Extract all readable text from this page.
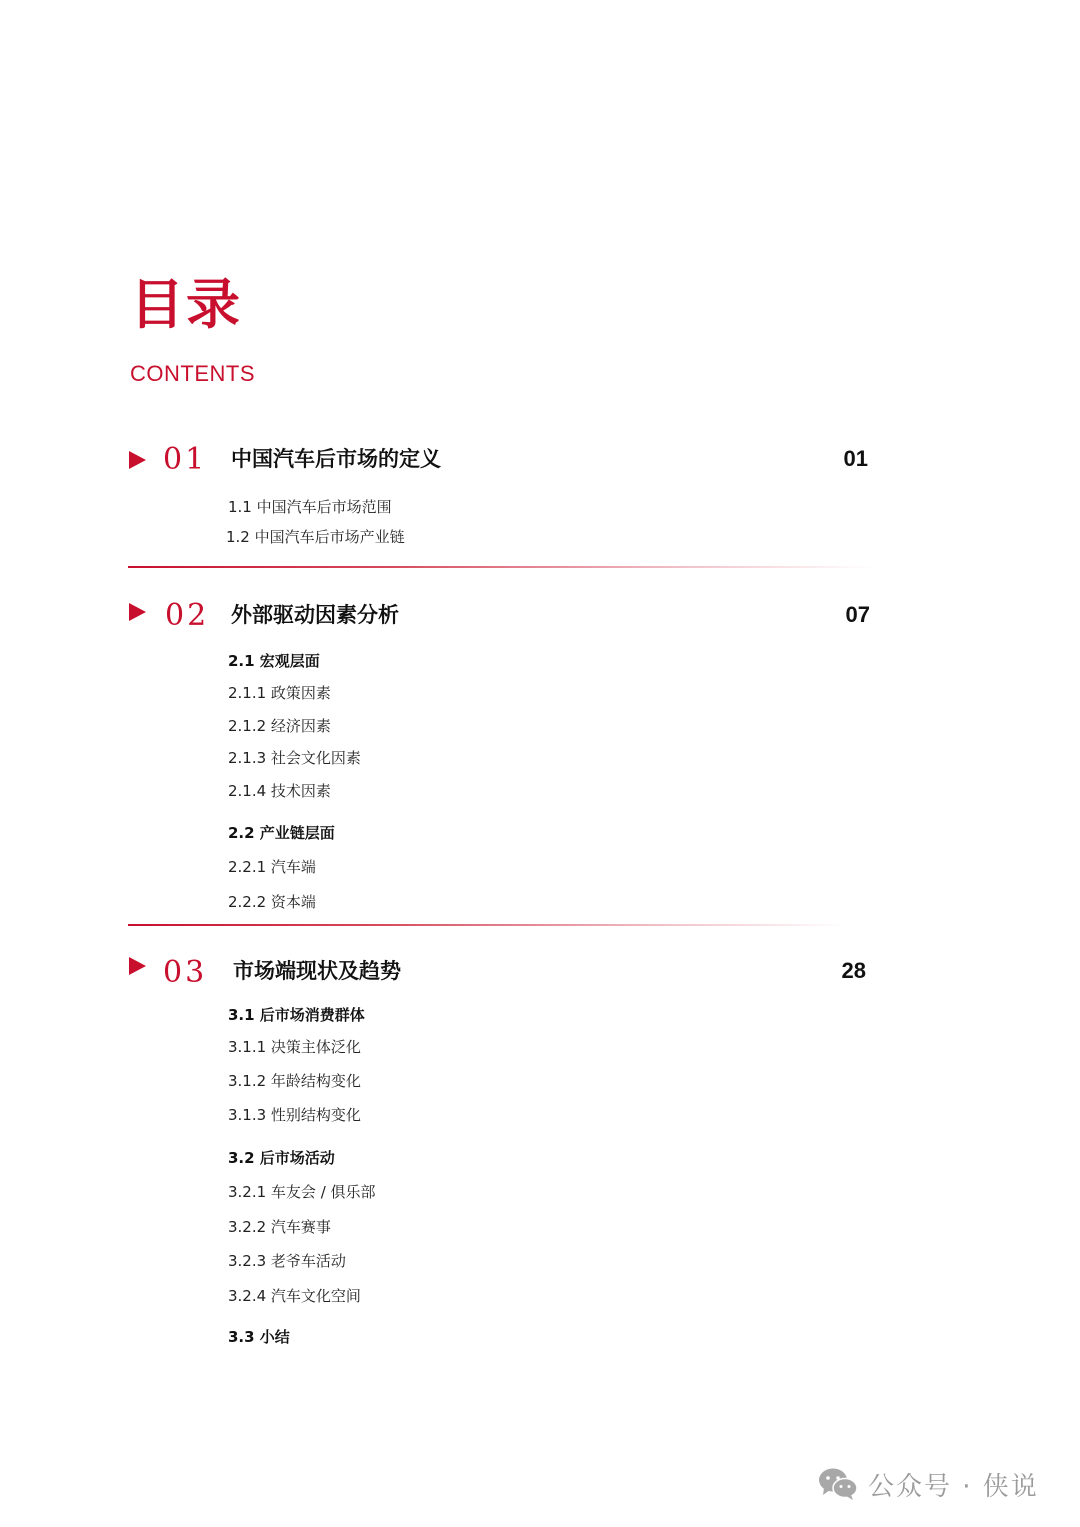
目录
CONTENTS
01 中国汽车后市场的定义	01
1.1 中国汽车后市场范围
1.2 中国汽车后市场产业链
02 外部驱动因素分析	07
2.1 宏观层面
2.1.1 政策因素
2.1.2 经济因素
2.1.3 社会文化因素
2.1.4 技术因素
2.2 产业链层面
2.2.1 汽车端
2.2.2 资本端
03 市场端现状及趋势	28
3.1 后市场消费群体
3.1.1 决策主体泛化
3.1.2 年龄结构变化
3.1.3 性别结构变化
3.2 后市场活动
3.2.1 车友会 / 俱乐部
3.2.2 汽车赛事
3.2.3 老爷车活动
3.2.4 汽车文化空间
3.3 小结
公众号 · 侠说
